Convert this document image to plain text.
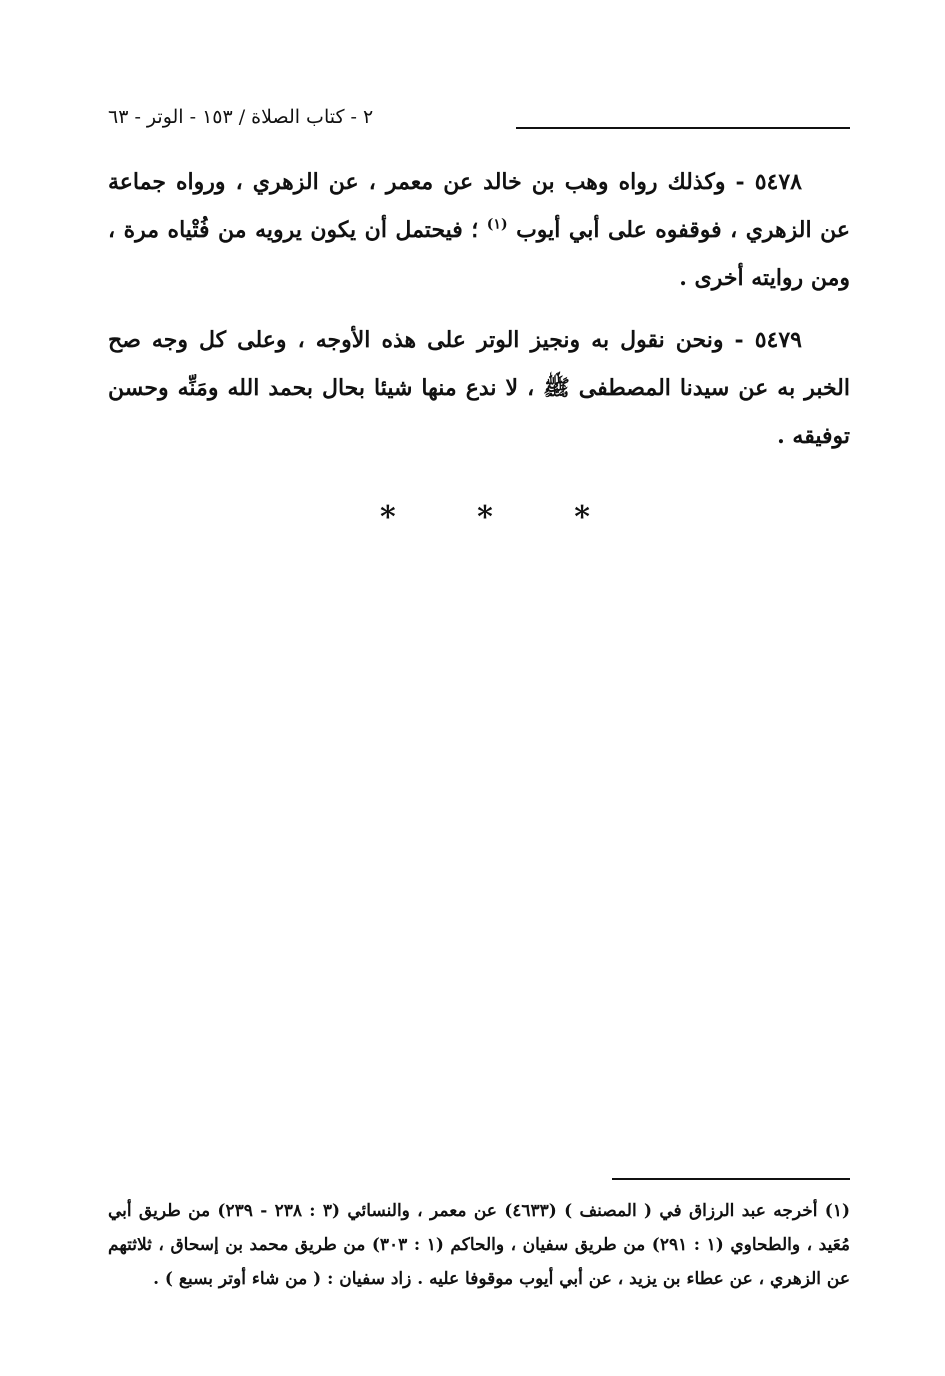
٢ - كتاب الصلاة / ١٥٣ - الوتر - ٦٣

٥٤٧٨ - وكذلك رواه وهب بن خالد عن معمر ، عن الزهري ، ورواه جماعة عن الزهري ، فوقفوه على أبي أيوب $^{(١)}$ ؛ فيحتمل أن يكون يرويه من فُتْياه مرة ، ومن روايته أخرى .

٥٤٧٩ - ونحن نقول به ونجيز الوتر على هذه الأوجه ، وعلى كل وجه صح الخبر به عن سيدنا المصطفى ﷺ ، لا ندع منها شيئا بحال بحمد الله ومَنِّه وحسن توفيقه .

*	*	*
(١) أخرجه عبد الرزاق في ( المصنف ) (٤٦٣٣) عن معمر ، والنسائي (٣ : ٢٣٨ - ٢٣٩) من طريق أبي مُعَيد ، والطحاوي (١ : ٢٩١) من طريق سفيان ، والحاكم (١ : ٣٠٣) من طريق محمد بن إسحاق ، ثلاثتهم عن الزهري ، عن عطاء بن يزيد ، عن أبي أيوب موقوفا عليه . زاد سفيان : ( من شاء أوتر بسبع ) .
